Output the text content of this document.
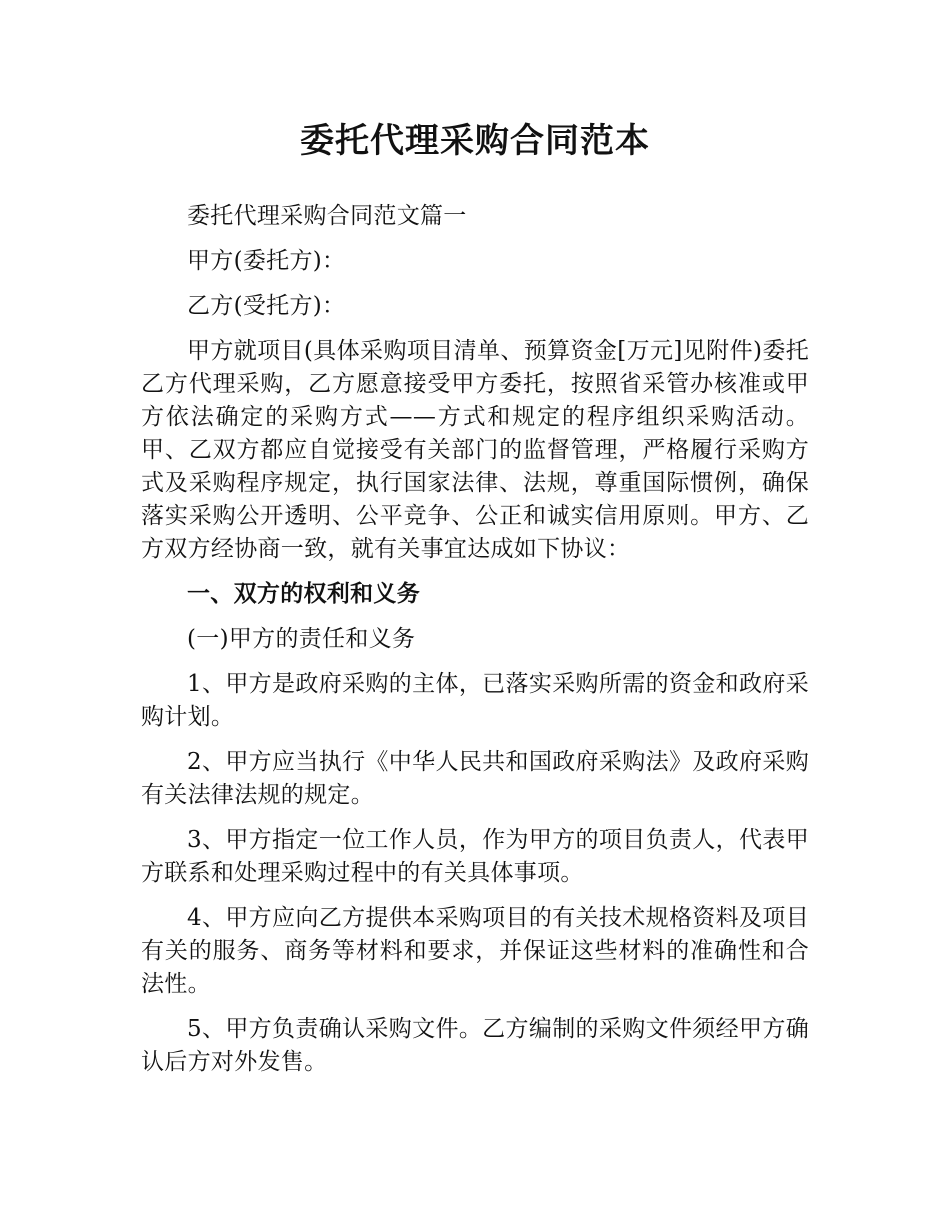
委托代理采购合同范本

委托代理采购合同范文篇一

甲方(委托方)：

乙方(受托方)：

甲方就项目(具体采购项目清单、预算资金[万元]见附件)委托乙方代理采购，乙方愿意接受甲方委托，按照省采管办核准或甲方依法确定的采购方式——方式和规定的程序组织采购活动。甲、乙双方都应自觉接受有关部门的监督管理，严格履行采购方式及采购程序规定，执行国家法律、法规，尊重国际惯例，确保落实采购公开透明、公平竞争、公正和诚实信用原则。甲方、乙方双方经协商一致，就有关事宜达成如下协议：

一、双方的权利和义务

(一)甲方的责任和义务

1、甲方是政府采购的主体，已落实采购所需的资金和政府采购计划。

2、甲方应当执行《中华人民共和国政府采购法》及政府采购有关法律法规的规定。

3、甲方指定一位工作人员，作为甲方的项目负责人，代表甲方联系和处理采购过程中的有关具体事项。

4、甲方应向乙方提供本采购项目的有关技术规格资料及项目有关的服务、商务等材料和要求，并保证这些材料的准确性和合法性。

5、甲方负责确认采购文件。乙方编制的采购文件须经甲方确认后方对外发售。
